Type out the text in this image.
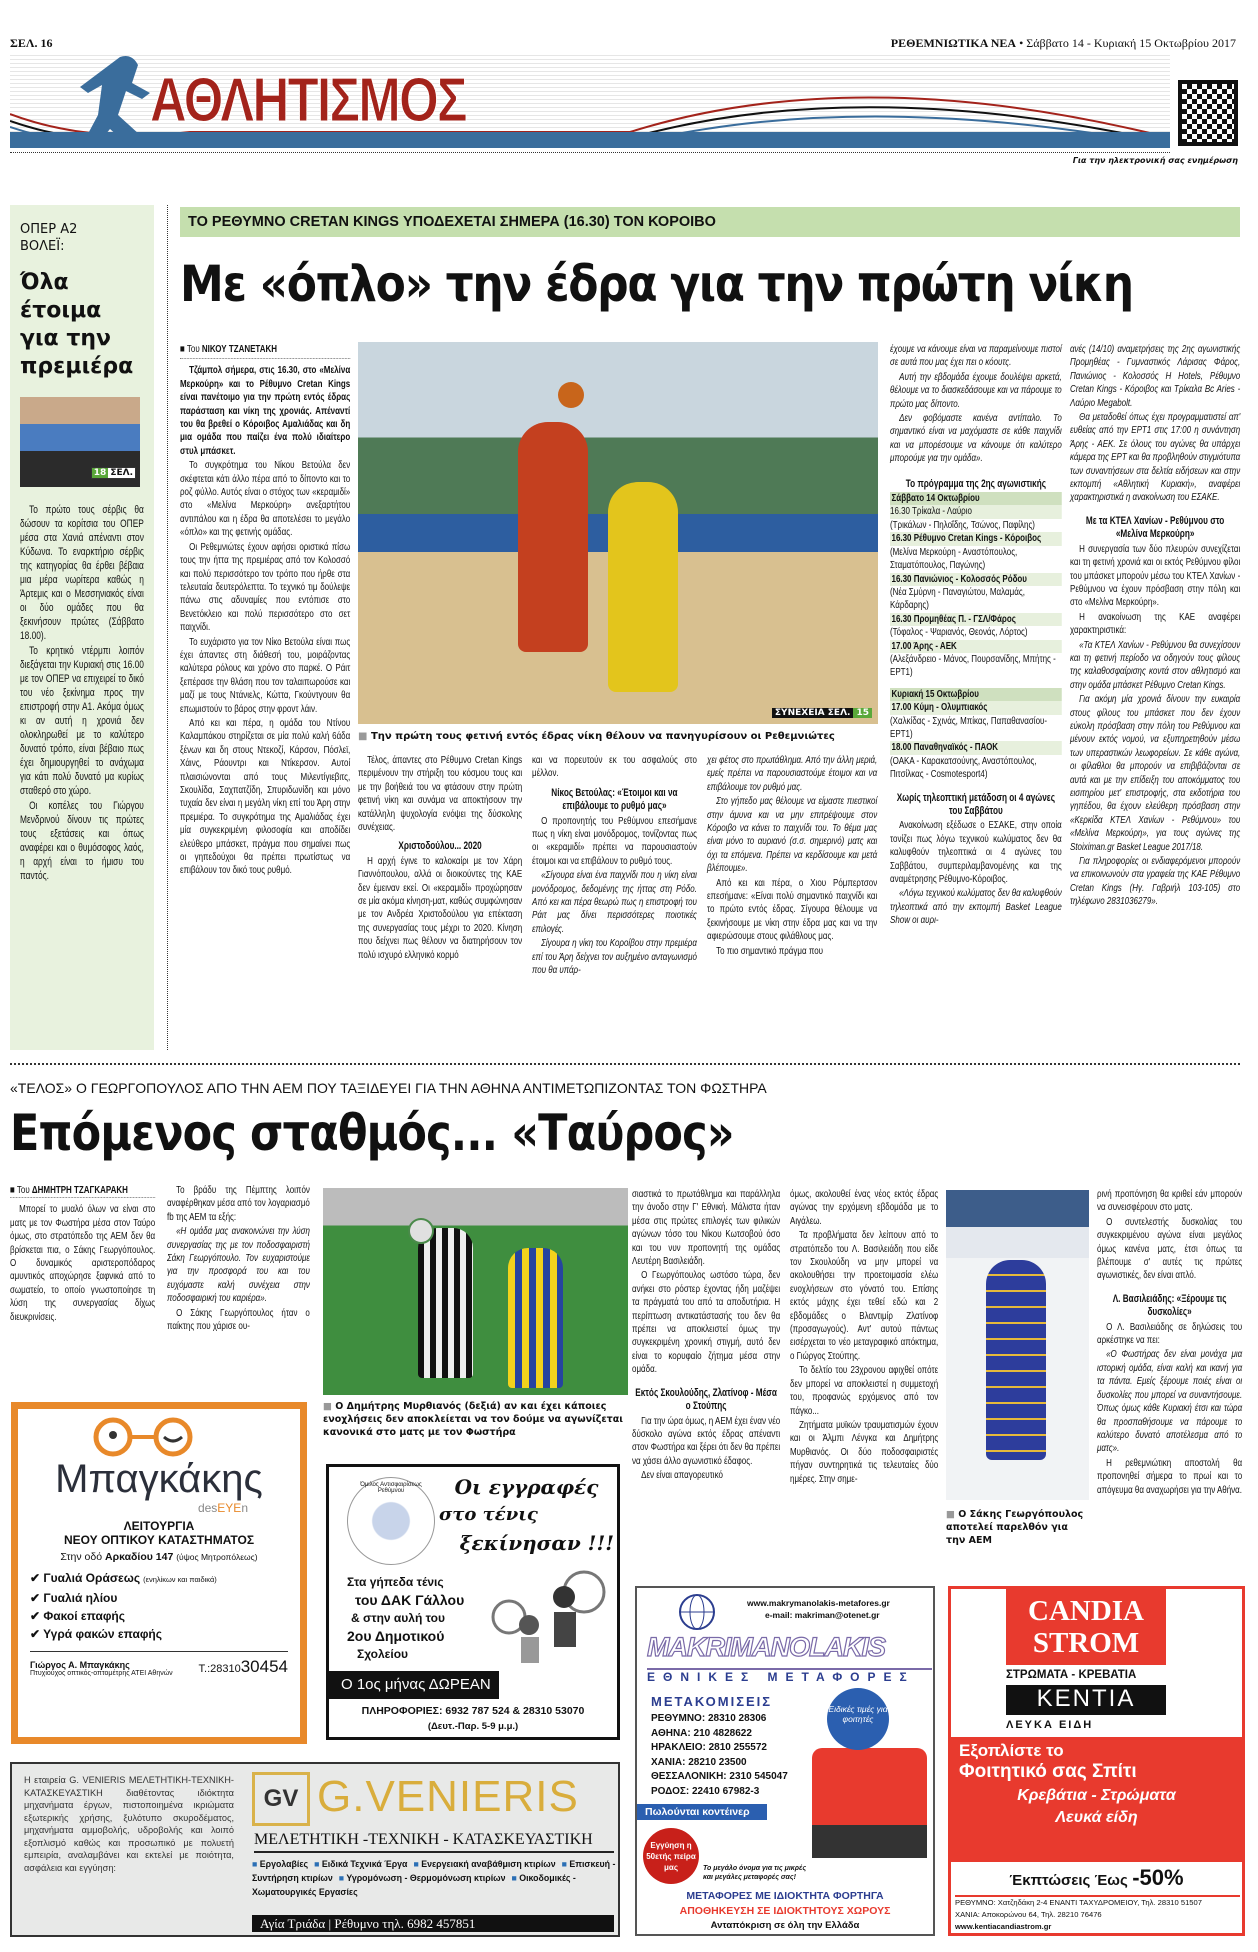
ΣΕΛ. 16	ΡΕΘΕΜΝΙΩΤΙΚΑ ΝΕΑ • Σάββατο 14 - Κυριακή 15 Οκτωβρίου 2017
ΑΘΛΗΤΙΣΜΟΣ
Για την ηλεκτρονική σας ενημέρωση
ΟΠΕΡ Α2 ΒΟΛΕΪ:
Όλα έτοιμα για την πρεμιέρα
18 ΣΕΛ.

Το πρώτο τους σέρβις θα δώσουν τα κορίτσια του ΟΠΕΡ μέσα στα Χανιά απέναντι στον Κύδωνα. Το εναρκτήριο σέρβις της κατηγορίας θα έρθει βέβαια μια μέρα νωρίτερα καθώς η Άρτεμις και ο Μεσσηνιακός είναι οι δύο ομάδες που θα ξεκινήσουν πρώτες (Σάββατο 18.00).

Το κρητικό ντέρμπι λοιπόν διεξάγεται την Κυριακή στις 16.00 με τον ΟΠΕΡ να επιχειρεί το δικό του νέο ξεκίνημα προς την επιστροφή στην Α1. Ακόμα όμως κι αν αυτή η χρονιά δεν ολοκληρωθεί με το καλύτερο δυνατό τρόπο, είναι βέβαιο πως έχει δημιουργηθεί το ανάχωμα για κάτι πολύ δυνατό μα κυρίως σταθερό στο χώρο.

Οι κοπέλες του Γιώργου Μενδρινού δίνουν τις πρώτες τους εξετάσεις και όπως αναφέρει και ο θυμόσοφος λαός, η αρχή είναι το ήμισυ του παντός.

ΤΟ ΡΕΘΥΜΝΟ CRETAN KINGS ΥΠΟΔΕΧΕΤΑΙ ΣΗΜΕΡΑ (16.30) ΤΟΝ ΚΟΡΟΙΒΟ
Με «όπλο» την έδρα για την πρώτη νίκη
■ Του ΝΙΚΟΥ ΤΖΑΝΕΤΑΚΗ

Τζάμπολ σήμερα, στις 16.30, στο «Μελίνα Μερκούρη» και το Ρέθυμνο Cretan Kings είναι πανέτοιμο για την πρώτη εντός έδρας παράσταση και νίκη της χρονιάς. Απέναντί του θα βρεθεί ο Κόροιβος Αμαλιάδας και δη μια ομάδα που παίζει ένα πολύ ιδιαίτερο στυλ μπάσκετ.

Το συγκρότημα του Νίκου Βετούλα δεν σκέφτεται κάτι άλλο πέρα από το δίποντο και το ροζ φύλλο. Αυτός είναι ο στόχος των «κεραμιδί» στο «Μελίνα Μερκούρη» ανεξαρτήτου αντιπάλου και η έδρα θα αποτελέσει το μεγάλο «όπλο» και της φετινής ομάδας.

Οι Ρεθεμνιώτες έχουν αφήσει οριστικά πίσω τους την ήττα της πρεμιέρας από τον Κολοσσό και πολύ περισσότερο τον τρόπο που ήρθε στα τελευταία δευτερόλεπτα. Το τεχνικό τιμ δούλεψε πάνω στις αδυναμίες που εντόπισε στο Βενετόκλειο και πολύ περισσότερο στο σετ παιχνίδι.

Το ευχάριστο για τον Νίκο Βετούλα είναι πως έχει άπαντες στη διάθεσή του, μοιράζοντας καλύτερα ρόλους και χρόνο στο παρκέ. Ο Ράιτ ξεπέρασε την θλάση που τον ταλαιπωρούσε και μαζί με τους Ντάνιελς, Κώττα, Γκούντγουιν θα επωμιστούν το βάρος στην φροντ λάιν.

Από κει και πέρα, η ομάδα του Ντίνου Καλαμπάκου στηρίζεται σε μία πολύ καλή 6άδα ξένων και δη στους Ντεκοζί, Κάρσον, Πόσλεϊ, Χάινς, Ράουντρι και Ντίκερσον. Αυτοί πλαισιώνονται από τους Μιλεντίγιεβιτς, Σκουλίδα, Σαχπατζίδη, Σπυριδωνίδη και μόνο τυχαία δεν είναι η μεγάλη νίκη επί του Άρη στην πρεμιέρα. Το συγκρότημα της Αμαλιάδας έχει μία συγκεκριμένη φιλοσοφία και αποδίδει ελεύθερο μπάσκετ, πράγμα που σημαίνει πως οι γηπεδούχοι θα πρέπει πρωτίστως να επιβάλουν τον δικό τους ρυθμό.

ΣΥΝΕΧΕΙΑ ΣΕΛ. 15
■ Την πρώτη τους φετινή εντός έδρας νίκη θέλουν να πανηγυρίσουν οι Ρεθεμνιώτες

Τέλος, άπαντες στο Ρέθυμνο Cretan Kings περιμένουν την στήριξη του κόσμου τους και με την βοήθειά του να φτάσουν στην πρώτη φετινή νίκη και συνάμα να αποκτήσουν την κατάλληλη ψυχολογία ενόψει της δύσκολης συνέχειας.

Χριστοδούλου... 2020

Η αρχή έγινε το καλοκαίρι με τον Χάρη Γιαννόπουλου, αλλά οι διοικούντες της ΚΑΕ δεν έμειναν εκεί. Οι «κεραμιδί» προχώρησαν σε μία ακόμα κίνηση-ματ, καθώς συμφώνησαν με τον Ανδρέα Χριστοδούλου για επέκταση της συνεργασίας τους μέχρι το 2020. Κίνηση που δείχνει πως θέλουν να διατηρήσουν τον πολύ ισχυρό ελληνικό κορμό

και να πορευτούν εκ του ασφαλούς στο μέλλον.

Νίκος Βετούλας: «Έτοιμοι και να επιβάλουμε το ρυθμό μας»

Ο προπονητής του Ρεθύμνου επεσήμανε πως η νίκη είναι μονόδρομος, τονίζοντας πως οι «κεραμιδί» πρέπει να παρουσιαστούν έτοιμοι και να επιβάλουν το ρυθμό τους.

«Σίγουρα είναι ένα παιχνίδι που η νίκη είναι μονόδρομος, δεδομένης της ήττας στη Ρόδο. Από κει και πέρα θεωρώ πως η επιστροφή του Ράιτ μας δίνει περισσότερες ποιοτικές επιλογές.

Σίγουρα η νίκη του Κοροίβου στην πρεμιέρα επί του Άρη δείχνει τον αυξημένο ανταγωνισμό που θα υπάρ-

χει φέτος στο πρωτάθλημα. Από την άλλη μεριά, εμείς πρέπει να παρουσιαστούμε έτοιμοι και να επιβάλουμε τον ρυθμό μας.

Στο γήπεδο μας θέλουμε να είμαστε πιεστικοί στην άμυνα και να μην επιτρέψουμε στον Κόροιβο να κάνει το παιχνίδι του. Το θέμα μας είναι μόνο το αυριανό (σ.σ. σημερινό) ματς και όχι τα επόμενα. Πρέπει να κερδίσουμε και μετά βλέπουμε».

Από κει και πέρα, ο Χιου Ρόμπερτσον επεσήμανε: «Είναι πολύ σημαντικό παιχνίδι και το πρώτο εντός έδρας. Σίγουρα θέλουμε να ξεκινήσουμε με νίκη στην έδρα μας και να την αφιερώσουμε στους φιλάθλους μας.

Το πιο σημαντικό πράγμα που

έχουμε να κάνουμε είναι να παραμείνουμε πιστοί σε αυτά που μας έχει πει ο κόουτς.

Αυτή την εβδομάδα έχουμε δουλέψει αρκετά, θέλουμε να το διασκεδάσουμε και να πάρουμε το πρώτο μας δίποντο.

Δεν φοβόμαστε κανένα αντίπαλο. Το σημαντικό είναι να μαχόμαστε σε κάθε παιχνίδι και να μπορέσουμε να κάνουμε ότι καλύτερο μπορούμε για την ομάδα».

Το πρόγραμμα της 2ης αγωνιστικής
Σάββατο 14 Οκτωβρίου
16.30 Τρίκαλα - Λαύριο
(Τρικάλων - Πηλοΐδης, Τσώνος, Παφίλης)
16.30 Ρέθυμνο Cretan Kings - Κόροιβος
(Μελίνα Μερκούρη - Αναστόπουλος, Σταματόπουλος, Παγώνης)
16.30 Πανιώνιος - Κολοσσός Ρόδου
(Νέα Σμύρνη - Παναγιώτου, Μαλαμάς, Κάρδαρης)
16.30 Προμηθέας Π. - ΓΣΛ/Φάρος
(Τόφαλος - Ψαριανός, Θεονάς, Λόρτος)
17.00 Άρης - ΑΕΚ
(Αλεξάνδρειο - Μάνος, Πουρσανίδης, Μπήτης - ΕΡΤ1)
Κυριακή 15 Οκτωβρίου
17.00 Κύμη - Ολυμπιακός
(Χαλκίδας - Σχινάς, Μπίκας, Παπαθανασίου- ΕΡΤ1)
18.00 Παναθηναϊκός - ΠΑΟΚ
(ΟΑΚΑ - Καρακατσούνης, Αναστόπουλος, Πιτσίλκας - Cosmotesport4)
Χωρίς τηλεοπτική μετάδοση οι 4 αγώνες του Σαββάτου

Ανακοίνωση εξέδωσε ο ΕΣΑΚΕ, στην οποία τονίζει πως λόγω τεχνικού κωλύματος δεν θα καλυφθούν τηλεοπτικά οι 4 αγώνες του Σαββάτου, συμπεριλαμβανομένης και της αναμέτρησης Ρέθυμνο-Κόροιβος.

«Λόγω τεχνικού κωλύματος δεν θα καλυφθούν τηλεοπτικά από την εκπομπή Basket League Show οι αυρι-

ανές (14/10) αναμετρήσεις της 2ης αγωνιστικής Προμηθέας - Γυμναστικός Λάρισας Φάρος, Πανιώνιος - Κολοσσός H Hotels, Ρέθυμνο Cretan Kings - Κόροιβος και Τρίκαλα Bc Aries - Λαύριο Megabolt.

Θα μεταδοθεί όπως έχει προγραμματιστεί απ' ευθείας από την ΕΡΤ1 στις 17:00 η συνάντηση Άρης - ΑΕΚ. Σε όλους του αγώνες θα υπάρχει κάμερα της ΕΡΤ και θα προβληθούν στιγμιότυπα των συναντήσεων στα δελτία ειδήσεων και στην εκπομπή «Αθλητική Κυριακή», αναφέρει χαρακτηριστικά η ανακοίνωση του ΕΣΑΚΕ.

Με τα ΚΤΕΛ Χανίων - Ρεθύμνου στο «Μελίνα Μερκούρη»

Η συνεργασία των δύο πλευρών συνεχίζεται και τη φετινή χρονιά και οι εκτός Ρεθύμνου φίλοι του μπάσκετ μπορούν μέσω του ΚΤΕΛ Χανίων - Ρεθύμνου να έχουν πρόσβαση στην πόλη και στο «Μελίνα Μερκούρη».

Η ανακοίνωση της ΚΑΕ αναφέρει χαρακτηριστικά:

«Τα ΚΤΕΛ Χανίων - Ρεθύμνου θα συνεχίσουν και τη φετινή περίοδο να οδηγούν τους φίλους της καλαθοσφαίρισης κοντά στον αθλητισμό και στην ομάδα μπάσκετ Ρέθυμνο Cretan Kings.

Για ακόμη μία χρονιά δίνουν την ευκαιρία στους φίλους του μπάσκετ που δεν έχουν εύκολη πρόσβαση στην πόλη του Ρεθύμνου και μένουν εκτός νομού, να εξυπηρετηθούν μέσω των υπεραστικών λεωφορείων. Σε κάθε αγώνα, οι φίλαθλοι θα μπορούν να επιβιβάζονται σε αυτά και με την επίδειξη του αποκόμματος του εισιτηρίου μετ' επιστροφής, στα εκδοτήρια του γηπέδου, θα έχουν ελεύθερη πρόσβαση στην «Κερκίδα ΚΤΕΛ Χανίων - Ρεθύμνου» του «Μελίνα Μερκούρη», για τους αγώνες της Stoiximan.gr Basket League 2017/18.

Για πληροφορίες οι ενδιαφερόμενοι μπορούν να επικοινωνούν στα γραφεία της ΚΑΕ Ρέθυμνο Cretan Kings (Ηγ. Γαβριήλ 103-105) στο τηλέφωνο 2831036279».

«ΤΕΛΟΣ» Ο ΓΕΩΡΓΟΠΟΥΛΟΣ ΑΠΟ ΤΗΝ ΑΕΜ ΠΟΥ ΤΑΞΙΔΕΥΕΙ ΓΙΑ ΤΗΝ ΑΘΗΝΑ ΑΝΤΙΜΕΤΩΠΙΖΟΝΤΑΣ ΤΟΝ ΦΩΣΤΗΡΑ
Επόμενος σταθμός... «Ταύρος»
■ Του ΔΗΜΗΤΡΗ ΤΖΑΓΚΑΡΑΚΗ

Μπορεί το μυαλό όλων να είναι στο ματς με τον Φωστήρα μέσα στον Ταύρο όμως, στο στρατόπεδο της ΑΕΜ δεν θα βρίσκεται πια, ο Σάκης Γεωργόπουλος. Ο δυναμικός αριστεροπόδαρος αμυντικός αποχώρησε ξαφνικά από το σωματείο, το οποίο γνωστοποίησε τη λύση της συνεργασίας δίχως διευκρινίσεις.

Το βράδυ της Πέμπτης λοιπόν αναφέρθηκαν μέσα από τον λογαριασμό fb της ΑΕΜ τα εξής:

«Η ομάδα μας ανακοινώνει την λύση συνεργασίας της με τον ποδοσφαιριστή Σάκη Γεωργόπουλο. Τον ευχαριστούμε για την προσφορά του και του ευχόμαστε καλή συνέχεια στην ποδοσφαιρική του καριέρα».

Ο Σάκης Γεωργόπουλος ήταν ο παίκτης που χάρισε ου-

■ Ο Δημήτρης Μυρθιανός (δεξιά) αν και έχει κάποιες ενοχλήσεις δεν αποκλείεται να τον δούμε να αγωνίζεται κανονικά στο ματς με τον Φωστήρα

σιαστικά το πρωτάθλημα και παράλληλα την άνοδο στην Γ' Εθνική. Μάλιστα ήταν μέσα στις πρώτες επιλογές των φιλικών αγώνων τόσο του Νίκου Κωτσοβού όσο και του νυν προπονητή της ομάδας Λευτέρη Βασιλειάδη.

Ο Γεωργόπουλος ωστόσο τώρα, δεν ανήκει στο ρόστερ έχοντας ήδη μαζέψει τα πράγματά του από τα αποδυτήρια. Η περίπτωση αντικατάστασής του δεν θα πρέπει να αποκλειστεί όμως την συγκεκριμένη χρονική στιγμή, αυτό δεν είναι το κορυφαίο ζήτημα μέσα στην ομάδα.

Εκτός Σκουλούδης, Ζλατίνοφ - Μέσα ο Στούπης

Για την ώρα όμως, η ΑΕΜ έχει έναν νέο δύσκολο αγώνα εκτός έδρας απέναντι στον Φωστήρα και ξέρει ότι δεν θα πρέπει να χάσει άλλο αγωνιστικό έδαφος.

Δεν είναι απαγορευτικό

όμως, ακολουθεί ένας νέος εκτός έδρας αγώνας την ερχόμενη εβδομάδα με το Αιγάλεω.

Τα προβλήματα δεν λείπουν από το στρατόπεδο του Λ. Βασιλειάδη που είδε τον Σκουλούδη να μην μπορεί να ακολουθήσει την προετοιμασία ελέω ενοχλήσεων στο γόνατό του. Επίσης εκτός μάχης έχει τεθεί εδώ και 2 εβδομάδες ο Βλαντιμίρ Ζλατίνοφ (προσαγωγούς). Αντ' αυτού πάντως εισέρχεται το νέο μεταγραφικό απόκτημα, ο Γιώργος Στούπης.

Το δελτίο του 23χρονου αφιχθεί οπότε δεν μπορεί να αποκλειστεί η συμμετοχή του, προφανώς ερχόμενος από τον πάγκο...

Ζητήματα μυϊκών τραυματισμών έχουν και οι Άλμπι Λένγκα και Δημήτρης Μυρθιανός. Οι δύο ποδοσφαιριστές πήγαν συντηρητικά τις τελευταίες δύο ημέρες. Στην σημε-

■ Ο Σάκης Γεωργόπουλος αποτελεί παρελθόν για την ΑΕΜ

ρινή προπόνηση θα κριθεί εάν μπορούν να συνεισφέρουν στο ματς.

Ο συντελεστής δυσκολίας του συγκεκριμένου αγώνα είναι μεγάλος όμως κανένα ματς, έτσι όπως τα βλέπουμε σ' αυτές τις πρώτες αγωνιστικές, δεν είναι απλό.

Λ. Βασιλειάδης: «Ξέρουμε τις δυσκολίες»

Ο Λ. Βασιλειάδης σε δηλώσεις του αρκέστηκε να πει:

«Ο Φωστήρας δεν είναι μονάχα μια ιστορική ομάδα, είναι καλή και ικανή για τα πάντα. Εμείς ξέρουμε ποιές είναι οι δυσκολίες που μπορεί να συναντήσουμε. Όπως όμως κάθε Κυριακή έτσι και τώρα θα προσπαθήσουμε να πάρουμε το καλύτερο δυνατό αποτέλεσμα από το ματς».

Η ρεθεμνιώτικη αποστολή θα προπονηθεί σήμερα το πρωί και το απόγευμα θα αναχωρήσει για την Αθήνα.

Μπαγκάκης
desEYEn
ΛΕΙΤΟΥΡΓΙΑ
ΝΕΟΥ ΟΠΤΙΚΟΥ ΚΑΤΑΣΤΗΜΑΤΟΣ
Στην οδό Αρκαδίου 147 (ύψος Μητροπόλεως)
✔ Γυαλιά Οράσεως (ενηλίκων και παιδικά)
✔ Γυαλιά ηλίου
✔ Φακοί επαφής
✔ Υγρά φακών επαφής
Γιώργος Α. Μπαγκάκης
Πτυχιούχος οπτικός-οπτομέτρης ΑΤΕΙ Αθηνών Τ.:2831030454
Όμιλος Αντισφαιρίσεως Ρεθύμνου	Οι εγγραφές
στο τένις
ξεκίνησαν !!!
Στα γήπεδα τένις
του ΔΑΚ Γάλλου
& στην αυλή του
2ου Δημοτικού
Σχολείου
Ο 1ος μήνας ΔΩΡΕΑΝ
ΠΛΗΡΟΦΟΡΙΕΣ: 6932 787 524 & 28310 53070
(Δευτ.-Παρ. 5-9 μ.μ.)
www.makrymanolakis-metafores.gr
e-mail: makriman@otenet.gr
MAKRIMANOLAKIS
ΕΘΝΙΚΕΣ ΜΕΤΑΦΟΡΕΣ
ΜΕΤΑΚΟΜΙΣΕΙΣ
ΡΕΘΥΜΝΟ: 28310 28306
ΑΘΗΝΑ: 210 4828622
ΗΡΑΚΛΕΙΟ: 2810 255572
ΧΑΝΙΑ: 28210 23500
ΘΕΣΣΑΛΟΝΙΚΗ: 2310 545047
ΡΟΔΟΣ: 22410 67982-3
Ειδικές τιμές για φοιτητές
Πωλούνται κοντέινερ
Εγγύηση η 50ετής πείρα μας	Το μεγάλο όνομα για τις μικρές και μεγάλες μεταφορές σας!
ΜΕΤΑΦΟΡΕΣ ΜΕ ΙΔΙΟΚΤΗΤΑ ΦΟΡΤΗΓΑ
ΑΠΟΘΗΚΕΥΣΗ ΣΕ ΙΔΙΟΚΤΗΤΟΥΣ ΧΩΡΟΥΣ
Ανταπόκριση σε όλη την Ελλάδα
CANDIA
STROM
ΣΤΡΩΜΑΤΑ - ΚΡΕΒΑΤΙΑ
KENTIA
ΛΕΥΚΑ ΕΙΔΗ
Εξοπλίστε το
Φοιτητικό σας Σπίτι
Κρεβάτια - Στρώματα
Λευκά είδη
Έκπτώσεις Έως -50%
ΡΕΘΥΜΝΟ: Χατζηδάκη 2-4 ΕΝΑΝΤΙ ΤΑΧΥΔΡΟΜΕΙΟΥ, Τηλ. 28310 51507
ΧΑΝΙΑ: Αποκορώνου 64, Τηλ. 28210 76476
www.kentiacandiastrom.gr
Η εταιρεία G. VENIERIS ΜΕΛΕΤΗΤΙΚΗ-ΤΕΧΝΙΚΗ-ΚΑΤΑΣΚΕΥΑΣΤΙΚΗ διαθέτοντας ιδιόκτητα μηχανήματα έργων, πιστοποιημένα ικριώματα εξωτερικής χρήσης, ξυλότυπο σκυροδέματος, μηχανήματα αμμοβολής, υδροβολής και λοιπό εξοπλισμό καθώς και προσωπικό με πολυετή εμπειρία, αναλαμβάνει και εκτελεί με ποιότητα, ασφάλεια και εγγύηση:
GV G.VENIERIS
ΜΕΛΕΤΗΤΙΚΗ -ΤΕΧΝΙΚΗ - ΚΑΤΑΣΚΕΥΑΣΤΙΚΗ
■ Εργολαβίες ■ Ειδικά Τεχνικά Έργα ■ Ενεργειακή αναβάθμιση κτιρίων ■ Επισκευή - Συντήρηση κτιρίων ■ Υγρομόνωση - Θερμομόνωση κτιρίων ■ Οικοδομικές - Χωματουργικές Εργασίες
Αγία Τριάδα | Ρέθυμνο τηλ. 6982 457851
